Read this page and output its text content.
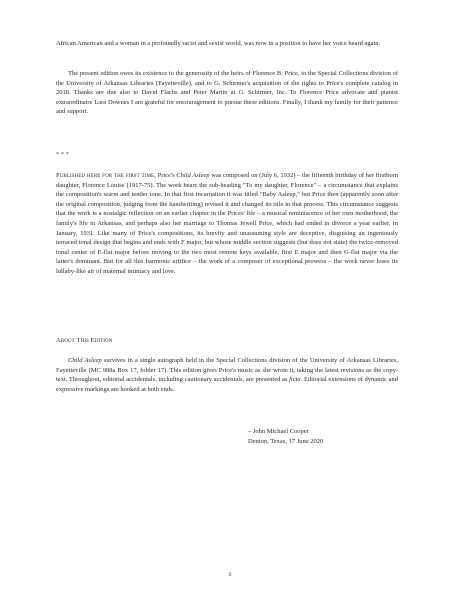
African American and a woman in a profoundly racist and sexist world, was now in a position to have her voice heard again.

The present edition owes its existence to the generosity of the heirs of Florence B. Price, to the Special Collections division of the University of Arkansas Libraries (Fayetteville), and to G. Schirmer's acquisition of the rights to Price's complete catalog in 2018. Thanks are due also to David Flachs and Peter Martin at G. Schirmer, Inc. To Florence Price advocate and pianist extraordinaire Lara Downes I am grateful for encouragement to pursue these editions. Finally, I thank my family for their patience and support.

* * *

Published here for the first time, Price's Child Asleep was composed on (July 6, 1932) – the fifteenth birthday of her firstborn daughter, Florence Louise (1917-75). The work bears the sub-heading "To my daughter, Florence" – a circumstance that explains the composition's warm and tender tone. In that first incarnation it was titled "Baby Asleep," but Price then (apparently soon after the original composition, judging from the handwriting) revised it and changed its title in that process. This circumstance suggests that the work is a nostalgic reflection on an earlier chapter in the Prices' life – a musical reminiscence of her own motherhood, the family's life in Arkansas, and perhaps also her marriage to Thomas Jewell Price, which had ended in divorce a year earlier, in January, 1931. Like many of Price's compositions, its brevity and unassuming style are deceptive, disguising an ingeniously terraced tonal design that begins and ends with F major, but whose middle section suggests (but does not state) the twice-removed tonal center of E-flat major before moving to the two most remote keys available, first E major and then G-flat major via the latter's dominant. But for all this harmonic artifice – the work of a composer of exceptional prowess – the work never loses its lullaby-like air of maternal intimacy and love.

About This Edition

Child Asleep survives in a single autograph held in the Special Collections division of the University of Arkansas Libraries, Fayetteville (MC 988a Box 17, folder 17). This edition gives Price's music as she wrote it, taking the latest revisions as the copy-text. Throughout, editorial accidentals, including cautionary accidentals, are presented as ficta. Editorial extensions of dynamic and expressive markings are hooked at both ends.

– John Michael Cooper
Denton, Texas, 17 June 2020
ii
